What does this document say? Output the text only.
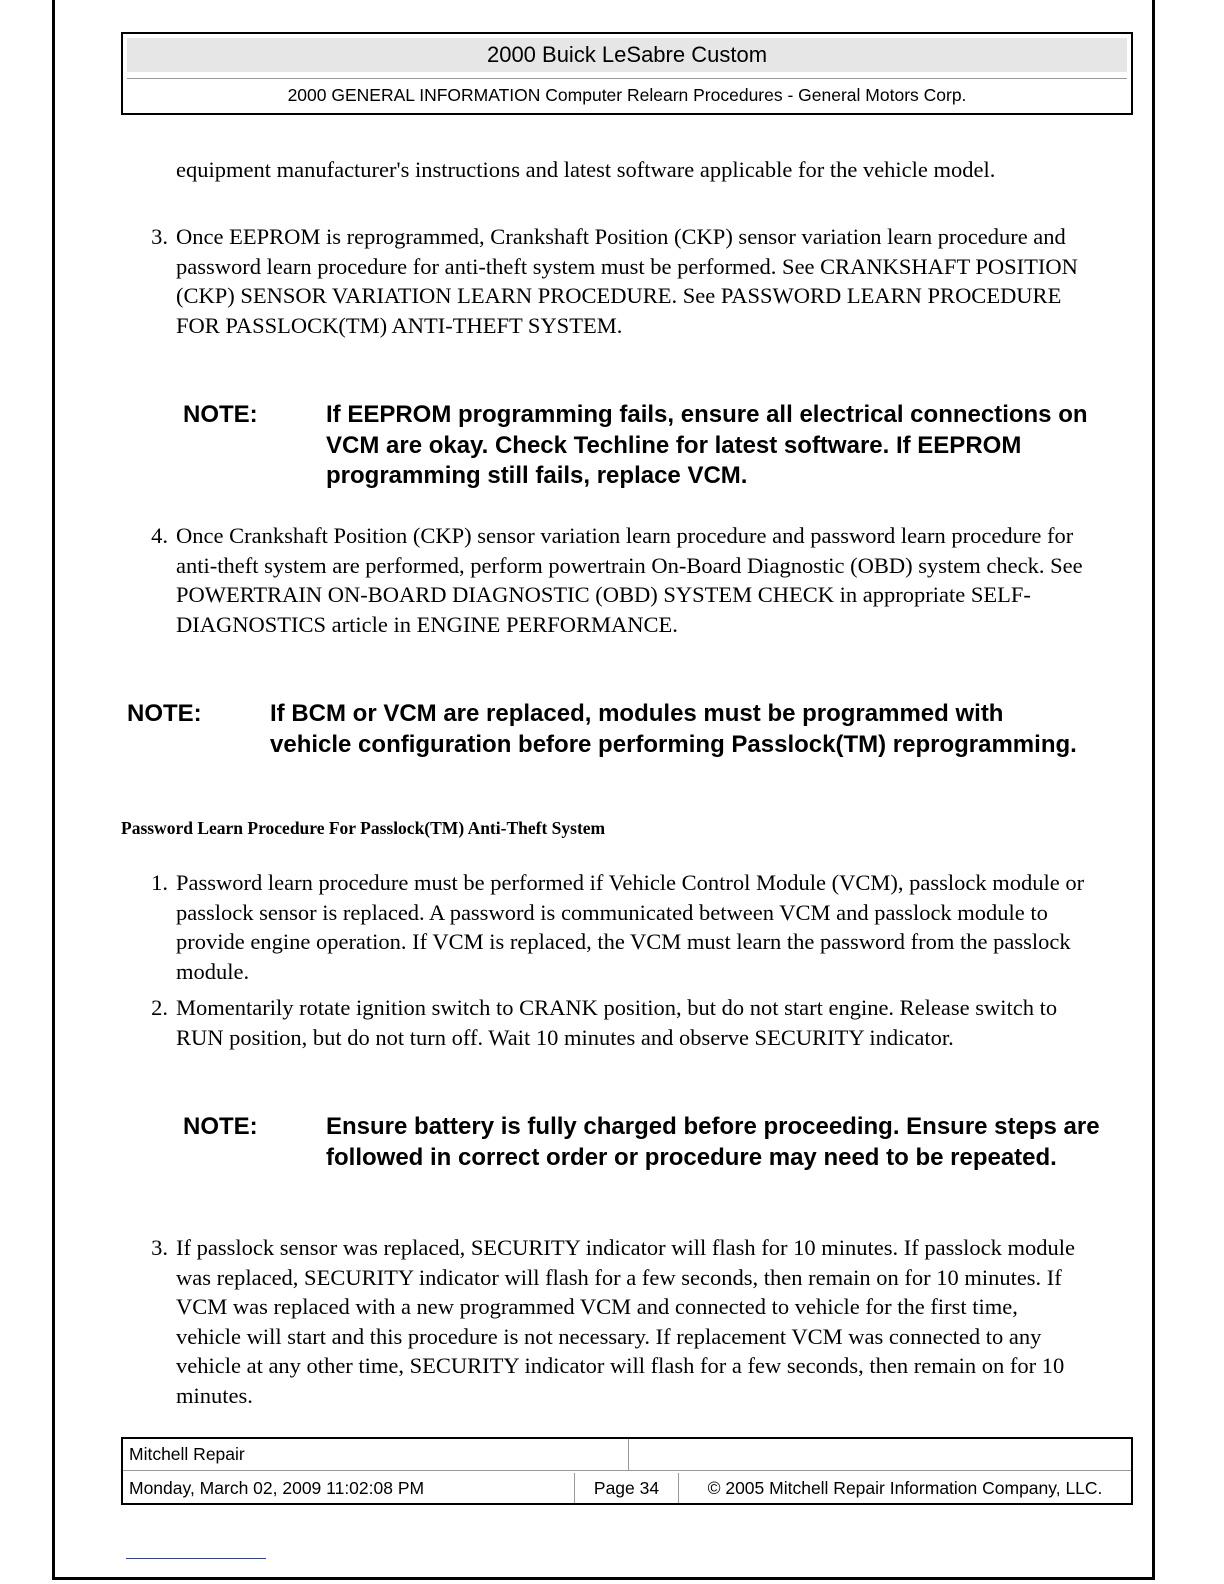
2000 Buick LeSabre Custom
2000 GENERAL INFORMATION Computer Relearn Procedures - General Motors Corp.
equipment manufacturer's instructions and latest software applicable for the vehicle model.
3. Once EEPROM is reprogrammed, Crankshaft Position (CKP) sensor variation learn procedure and password learn procedure for anti-theft system must be performed. See CRANKSHAFT POSITION (CKP) SENSOR VARIATION LEARN PROCEDURE. See PASSWORD LEARN PROCEDURE FOR PASSLOCK(TM) ANTI-THEFT SYSTEM.
NOTE:	If EEPROM programming fails, ensure all electrical connections on VCM are okay. Check Techline for latest software. If EEPROM programming still fails, replace VCM.
4. Once Crankshaft Position (CKP) sensor variation learn procedure and password learn procedure for anti-theft system are performed, perform powertrain On-Board Diagnostic (OBD) system check. See POWERTRAIN ON-BOARD DIAGNOSTIC (OBD) SYSTEM CHECK in appropriate SELF-DIAGNOSTICS article in ENGINE PERFORMANCE.
NOTE:	If BCM or VCM are replaced, modules must be programmed with vehicle configuration before performing Passlock(TM) reprogramming.
Password Learn Procedure For Passlock(TM) Anti-Theft System
1. Password learn procedure must be performed if Vehicle Control Module (VCM), passlock module or passlock sensor is replaced. A password is communicated between VCM and passlock module to provide engine operation. If VCM is replaced, the VCM must learn the password from the passlock module.
2. Momentarily rotate ignition switch to CRANK position, but do not start engine. Release switch to RUN position, but do not turn off. Wait 10 minutes and observe SECURITY indicator.
NOTE:	Ensure battery is fully charged before proceeding. Ensure steps are followed in correct order or procedure may need to be repeated.
3. If passlock sensor was replaced, SECURITY indicator will flash for 10 minutes. If passlock module was replaced, SECURITY indicator will flash for a few seconds, then remain on for 10 minutes. If VCM was replaced with a new programmed VCM and connected to vehicle for the first time, vehicle will start and this procedure is not necessary. If replacement VCM was connected to any vehicle at any other time, SECURITY indicator will flash for a few seconds, then remain on for 10 minutes.
Mitchell Repair
Monday, March 02, 2009 11:02:08 PM	Page 34	© 2005 Mitchell Repair Information Company, LLC.
